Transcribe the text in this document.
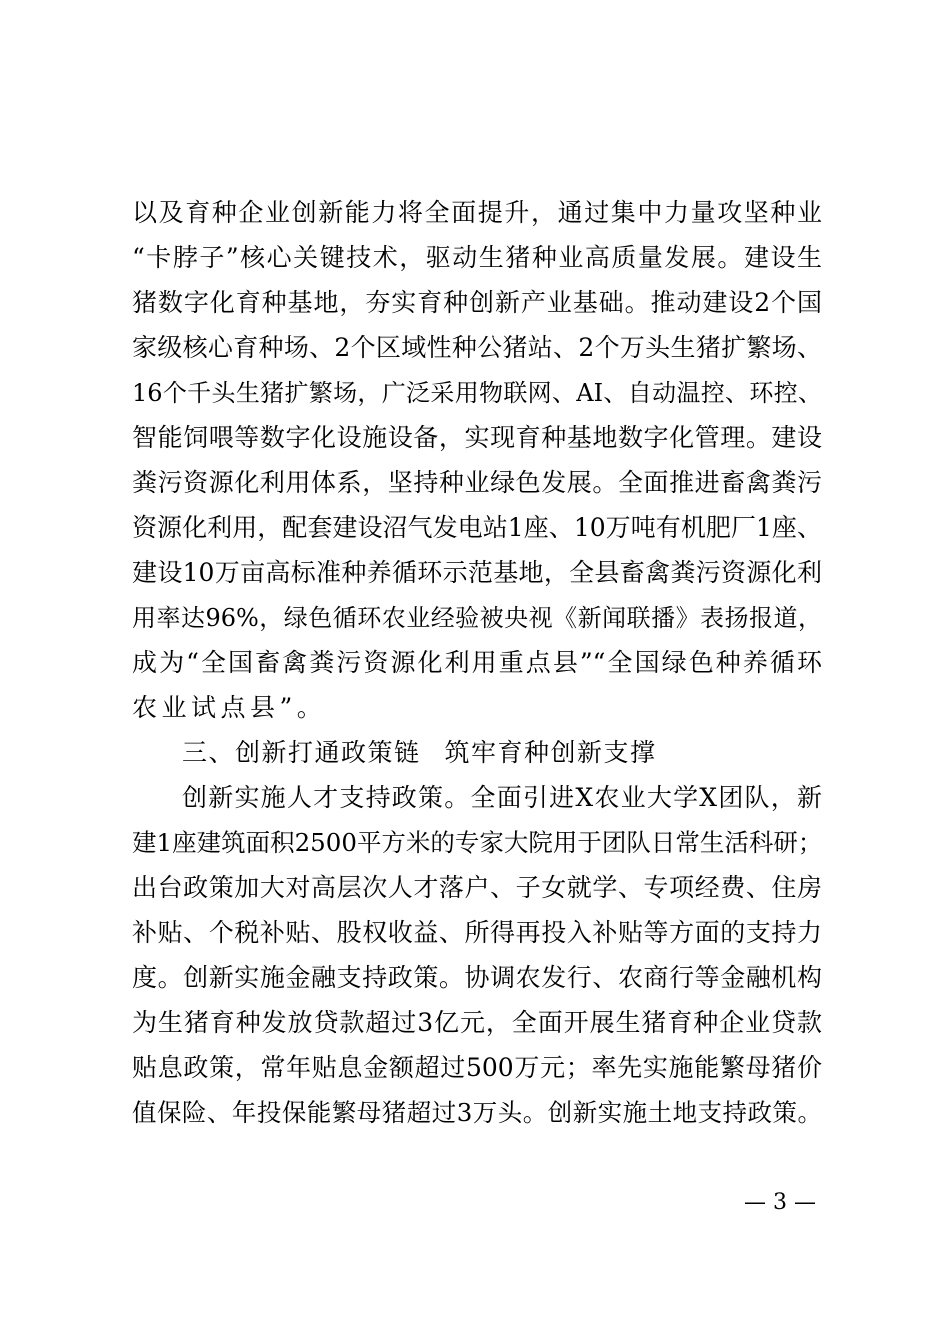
以及育种企业创新能力将全面提升，通过集中力量攻坚种业
“卡脖子”核心关键技术，驱动生猪种业高质量发展。建设生
猪数字化育种基地，夯实育种创新产业基础。推动建设2个国
家级核心育种场、2个区域性种公猪站、2个万头生猪扩繁场、
16个千头生猪扩繁场，广泛采用物联网、AI、自动温控、环控、
智能饲喂等数字化设施设备，实现育种基地数字化管理。建设
粪污资源化利用体系，坚持种业绿色发展。全面推进畜禽粪污
资源化利用，配套建设沼气发电站1座、10万吨有机肥厂1座、
建设10万亩高标准种养循环示范基地，全县畜禽粪污资源化利
用率达96%，绿色循环农业经验被央视《新闻联播》表扬报道，
成为“全国畜禽粪污资源化利用重点县”“全国绿色种养循环
农业试点县”。
三、创新打通政策链 筑牢育种创新支撑
创新实施人才支持政策。全面引进X农业大学X团队，新
建1座建筑面积2500平方米的专家大院用于团队日常生活科研；
出台政策加大对高层次人才落户、子女就学、专项经费、住房
补贴、个税补贴、股权收益、所得再投入补贴等方面的支持力
度。创新实施金融支持政策。协调农发行、农商行等金融机构
为生猪育种发放贷款超过3亿元，全面开展生猪育种企业贷款
贴息政策，常年贴息金额超过500万元；率先实施能繁母猪价
值保险、年投保能繁母猪超过3万头。创新实施土地支持政策。
— 3 —
